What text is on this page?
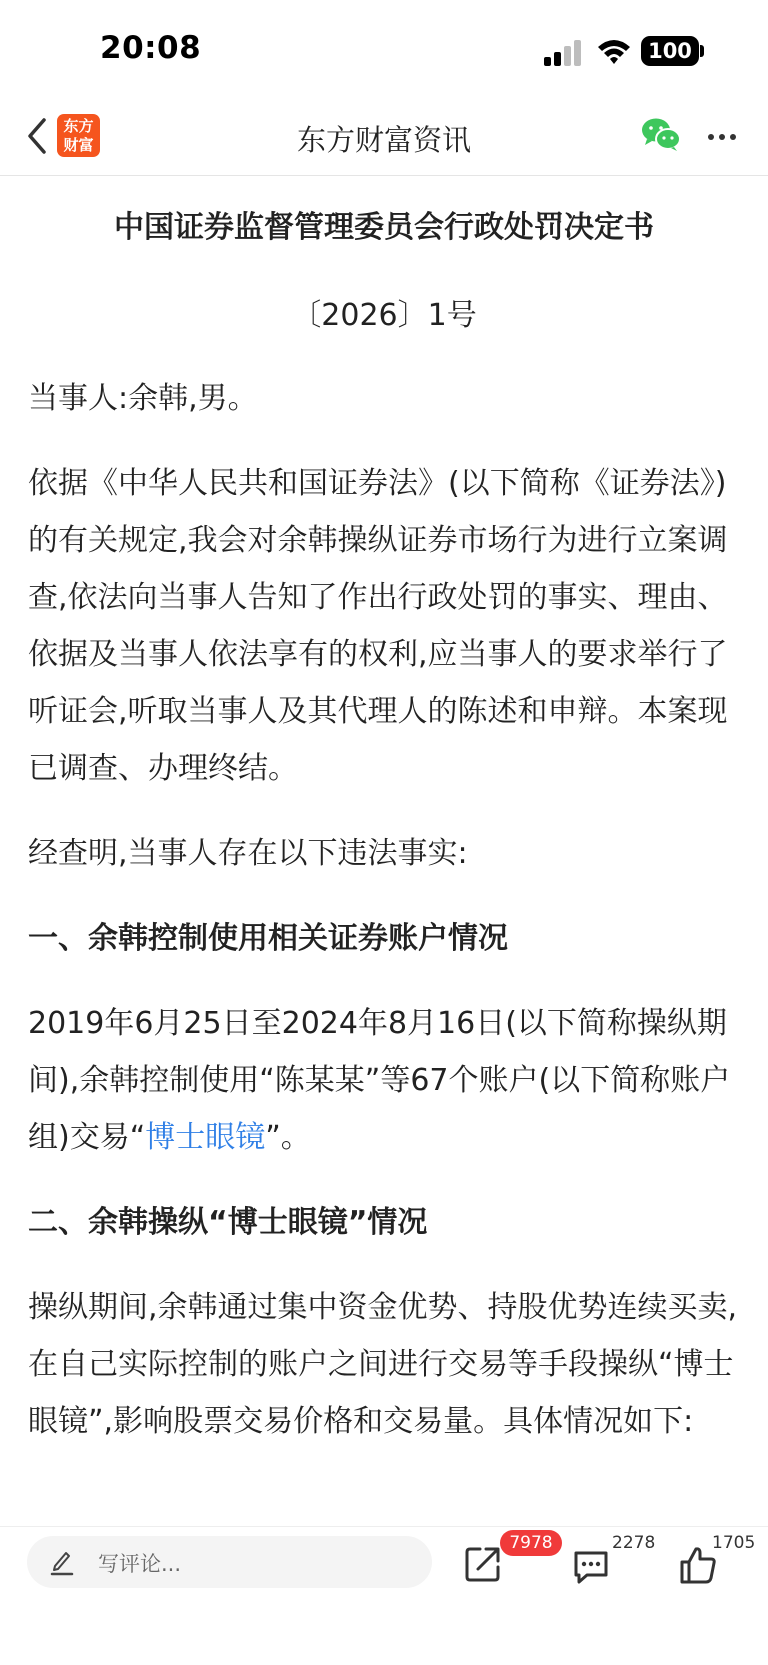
20:08	100
东方
财富	东方财富资讯
中国证券监督管理委员会行政处罚决定书
〔2026〕1号

当事人:余韩,男。

依据《中华人民共和国证券法》(以下简称《证券法》)的有关规定,我会对余韩操纵证券市场行为进行立案调查,依法向当事人告知了作出行政处罚的事实、理由、依据及当事人依法享有的权利,应当事人的要求举行了听证会,听取当事人及其代理人的陈述和申辩。本案现已调查、办理终结。

经查明,当事人存在以下违法事实:

一、余韩控制使用相关证券账户情况

2019年6月25日至2024年8月16日(以下简称操纵期间),余韩控制使用“陈某某”等67个账户(以下简称账户组)交易“博士眼镜”。

二、余韩操纵“博士眼镜”情况

操纵期间,余韩通过集中资金优势、持股优势连续买卖,在自己实际控制的账户之间进行交易等手段操纵“博士眼镜”,影响股票交易价格和交易量。具体情况如下:

写评论...
7978	2278	1705
